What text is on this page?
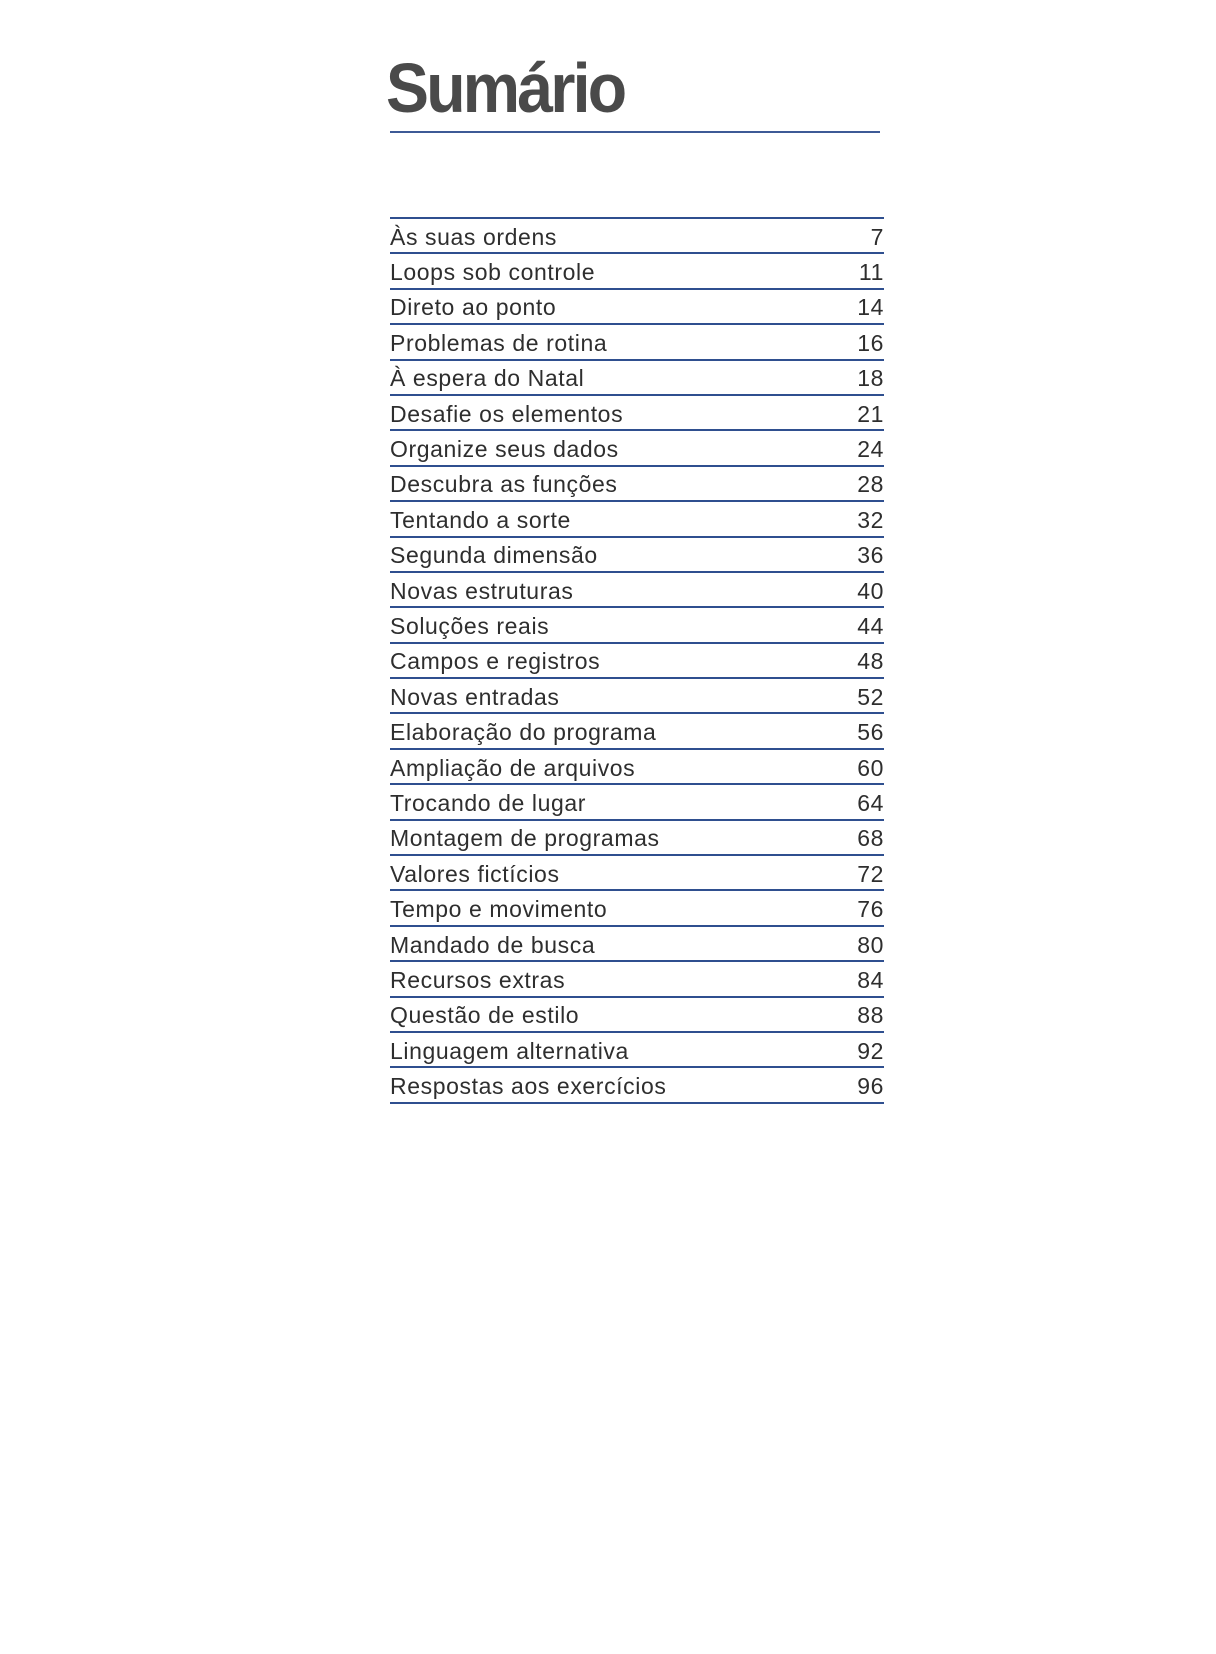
Sumário
Às suas ordens	7
Loops sob controle	11
Direto ao ponto	14
Problemas de rotina	16
À espera do Natal	18
Desafie os elementos	21
Organize seus dados	24
Descubra as funções	28
Tentando a sorte	32
Segunda dimensão	36
Novas estruturas	40
Soluções reais	44
Campos e registros	48
Novas entradas	52
Elaboração do programa	56
Ampliação de arquivos	60
Trocando de lugar	64
Montagem de programas	68
Valores fictícios	72
Tempo e movimento	76
Mandado de busca	80
Recursos extras	84
Questão de estilo	88
Linguagem alternativa	92
Respostas aos exercícios	96
